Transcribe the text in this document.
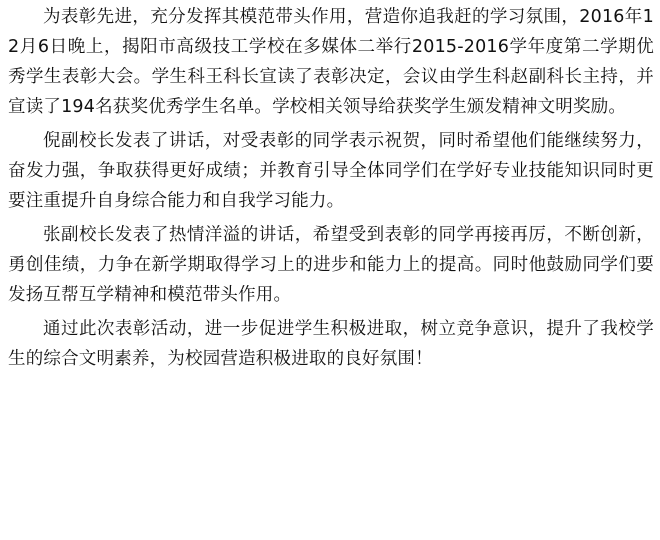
为表彰先进，充分发挥其模范带头作用，营造你追我赶的学习氛围，2016年12月6日晚上，揭阳市高级技工学校在多媒体二举行2015-2016学年度第二学期优秀学生表彰大会。学生科王科长宣读了表彰决定，会议由学生科赵副科长主持，并宣读了194名获奖优秀学生名单。学校相关领导给获奖学生颁发精神文明奖励。

倪副校长发表了讲话，对受表彰的同学表示祝贺，同时希望他们能继续努力，奋发力强，争取获得更好成绩；并教育引导全体同学们在学好专业技能知识同时更要注重提升自身综合能力和自我学习能力。

张副校长发表了热情洋溢的讲话，希望受到表彰的同学再接再厉，不断创新，勇创佳绩，力争在新学期取得学习上的进步和能力上的提高。同时他鼓励同学们要发扬互帮互学精神和模范带头作用。

通过此次表彰活动，进一步促进学生积极进取，树立竞争意识，提升了我校学生的综合文明素养，为校园营造积极进取的良好氛围！
